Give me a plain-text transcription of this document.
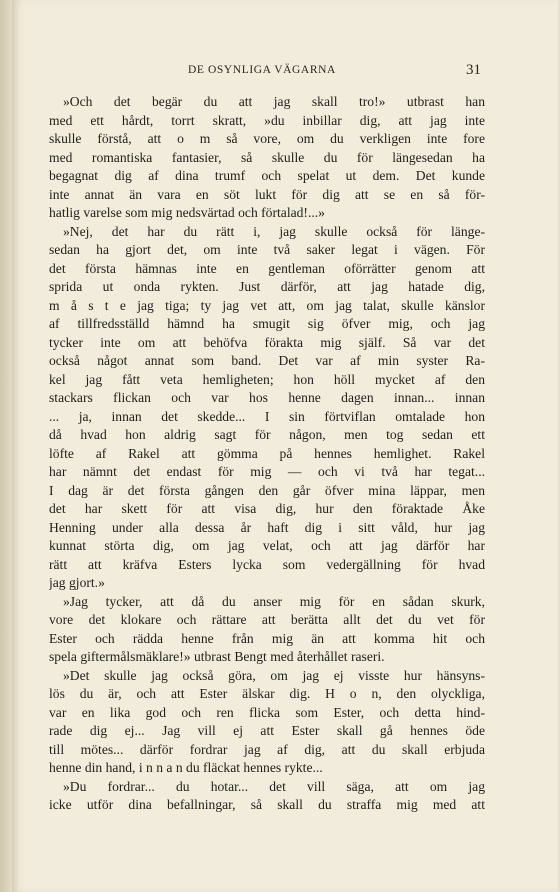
DE OSYNLIGA VÄGARNA	31
»Och det begär du att jag skall tro!» utbrast han
med ett hårdt, torrt skratt, »du inbillar dig, att jag inte
skulle förstå, att o m så vore, om du verkligen inte fore
med romantiska fantasier, så skulle du för längesedan ha
begagnat dig af dina trumf och spelat ut dem. Det kunde
inte annat än vara en söt lukt för dig att se en så för-
hatlig varelse som mig nedsvärtad och förtalad!...»
»Nej, det har du rätt i, jag skulle också för länge-
sedan ha gjort det, om inte två saker legat i vägen. För
det första hämnas inte en gentleman oförrätter genom att
sprida ut onda rykten. Just därför, att jag hatade dig,
m å s t e jag tiga; ty jag vet att, om jag talat, skulle känslor
af tillfredsställd hämnd ha smugit sig öfver mig, och jag
tycker inte om att behöfva förakta mig själf. Så var det
också något annat som band. Det var af min syster Ra-
kel jag fått veta hemligheten; hon höll mycket af den
stackars flickan och var hos henne dagen innan... innan
... ja, innan det skedde... I sin förtviflan omtalade hon
då hvad hon aldrig sagt för någon, men tog sedan ett
löfte af Rakel att gömma på hennes hemlighet. Rakel
har nämnt det endast för mig — och vi två har tegat...
I dag är det första gången den går öfver mina läppar, men
det har skett för att visa dig, hur den föraktade Åke
Henning under alla dessa år haft dig i sitt våld, hur jag
kunnat störta dig, om jag velat, och att jag därför har
rätt att kräfva Esters lycka som vedergällning för hvad
jag gjort.»
»Jag tycker, att då du anser mig för en sådan skurk,
vore det klokare och rättare att berätta allt det du vet för
Ester och rädda henne från mig än att komma hit och
spela giftermålsmäklare!» utbrast Bengt med återhållet raseri.
»Det skulle jag också göra, om jag ej visste hur hänsyns-
lös du är, och att Ester älskar dig. H o n, den olyckliga,
var en lika god och ren flicka som Ester, och detta hind-
rade dig ej... Jag vill ej att Ester skall gå hennes öde
till mötes... därför fordrar jag af dig, att du skall erbjuda
henne din hand, i n n a n du fläckat hennes rykte...
»Du fordrar... du hotar... det vill säga, att om jag
icke utför dina befallningar, så skall du straffa mig med att
